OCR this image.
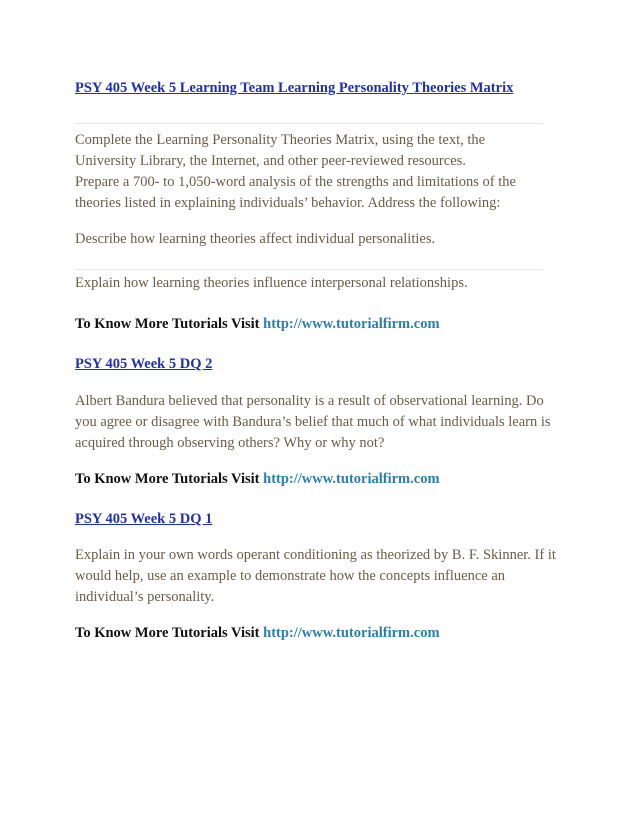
PSY 405 Week 5 Learning Team Learning Personality Theories Matrix

Complete the Learning Personality Theories Matrix, using the text, the

University Library, the Internet, and other peer-reviewed resources.

Prepare a 700- to 1,050-word analysis of the strengths and limitations of the

theories listed in explaining individuals’ behavior. Address the following:

Describe how learning theories affect individual personalities.

Explain how learning theories influence interpersonal relationships.

To Know More Tutorials Visit http://www.tutorialfirm.com
PSY 405 Week 5 DQ 2

Albert Bandura believed that personality is a result of observational learning. Do

you agree or disagree with Bandura’s belief that much of what individuals learn is

acquired through observing others? Why or why not?

To Know More Tutorials Visit http://www.tutorialfirm.com
PSY 405 Week 5 DQ 1

Explain in your own words operant conditioning as theorized by B. F. Skinner. If it

would help, use an example to demonstrate how the concepts influence an

individual’s personality.

To Know More Tutorials Visit http://www.tutorialfirm.com
